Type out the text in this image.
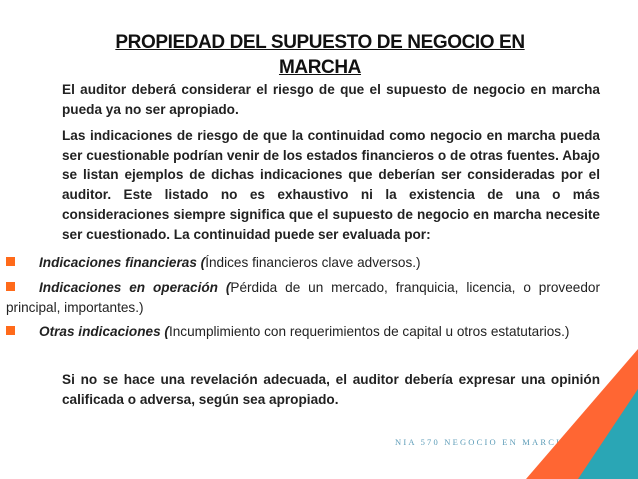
PROPIEDAD DEL SUPUESTO DE NEGOCIO EN
MARCHA
El auditor deberá considerar el riesgo de que el supuesto de negocio en marcha pueda ya no ser apropiado.
Las indicaciones de riesgo de que la continuidad como negocio en marcha pueda ser cuestionable podrían venir de los estados financieros o de otras fuentes. Abajo se listan ejemplos de dichas indicaciones que deberían ser consideradas por el auditor. Este listado no es exhaustivo ni la existencia de una o más consideraciones siempre significa que el supuesto de negocio en marcha necesite ser cuestionado. La continuidad puede ser evaluada por:
Indicaciones financieras (Índices financieros clave adversos.)
Indicaciones en operación (Pérdida de un mercado, franquicia, licencia, o proveedor principal, importantes.)
Otras indicaciones (Incumplimiento con requerimientos de capital u otros estatutarios.)
Si no se hace una revelación adecuada, el auditor debería expresar una opinión calificada o adversa, según sea apropiado.
NIA 570 NEGOCIO EN MARCHA
